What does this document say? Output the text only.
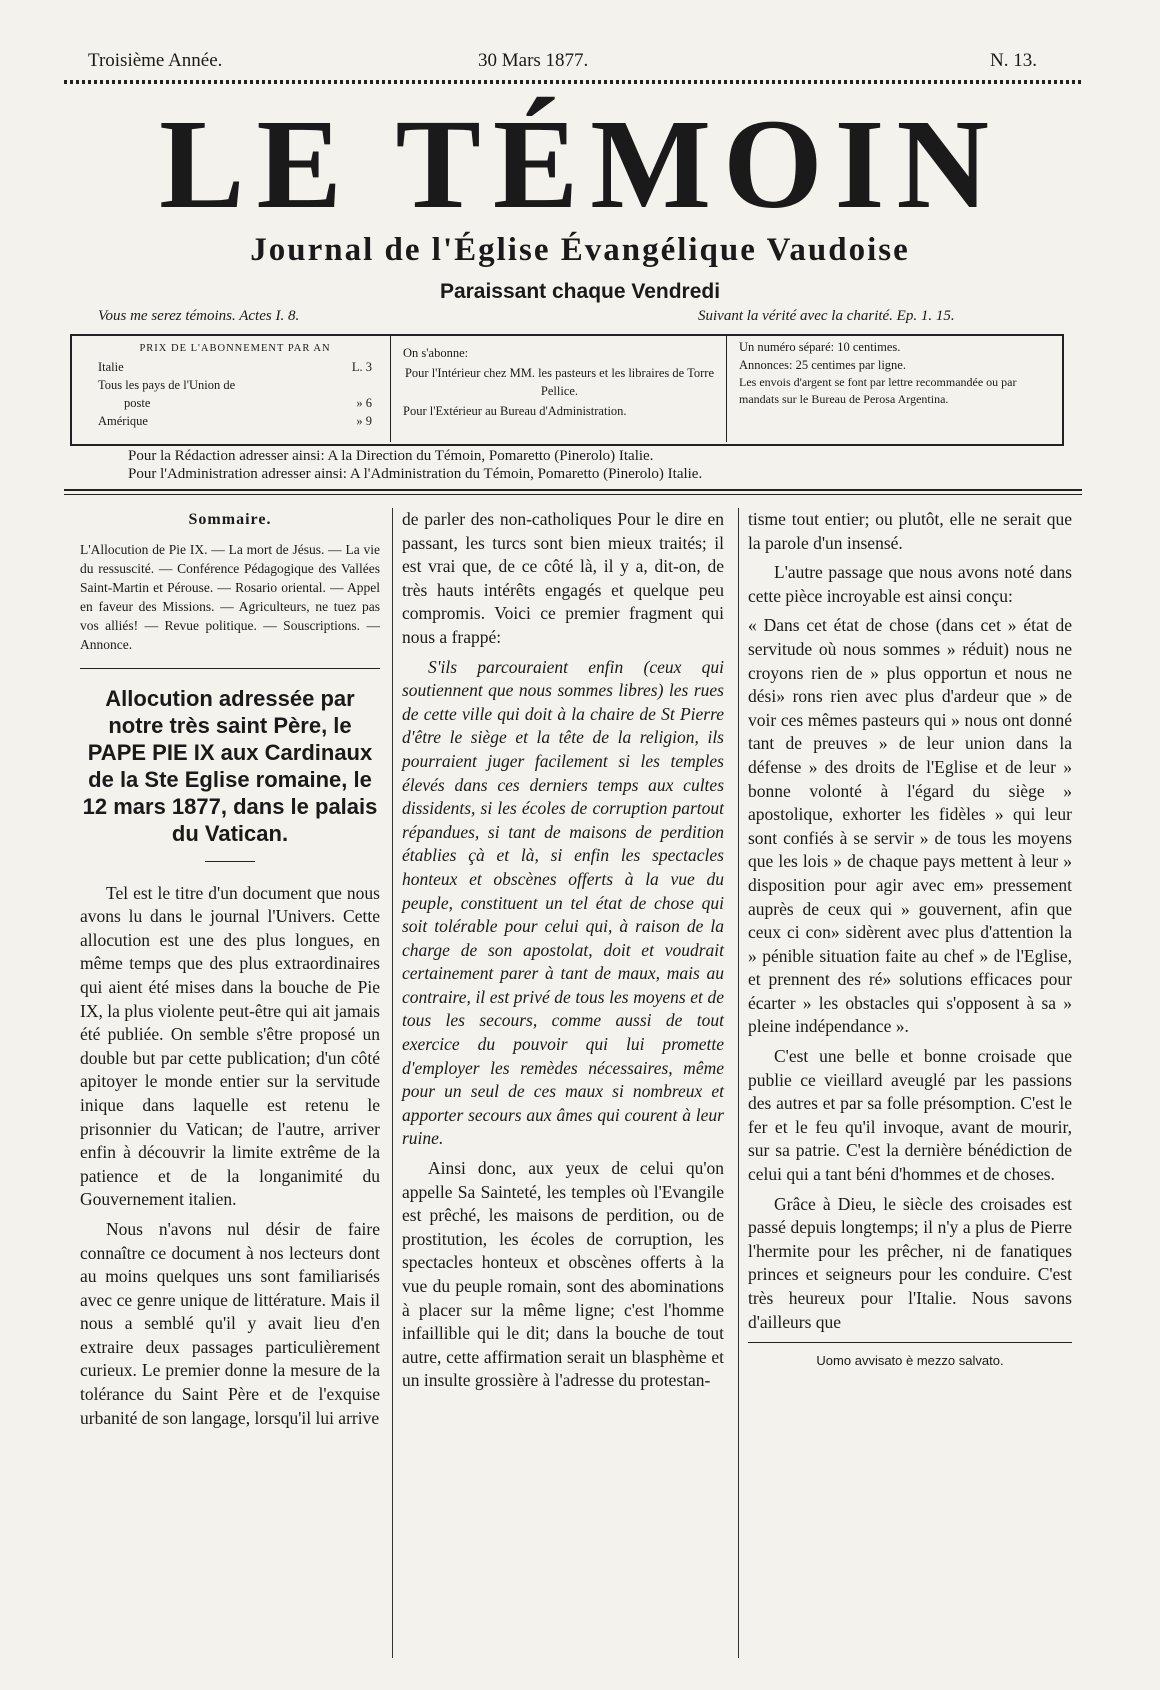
Troisième Année.	30 Mars 1877.	N. 13.
LE TÉMOIN
Journal de l'Église Évangélique Vaudoise
Paraissant chaque Vendredi
Vous me serez témoins. Actes I. 8.	Suivant la vérité avec la charité. Ep. 1. 15.
PRIX DE L'ABONNEMENT PAR AN
Italie	L. 3
Tous les pays de l'Union de
poste	» 6
Amérique	» 9
On s'abonne:
Pour l'Intérieur chez MM. les pasteurs et les libraires de Torre Pellice.
Pour l'Extérieur au Bureau d'Administration.
Un numéro séparé: 10 centimes.
Annonces: 25 centimes par ligne.
Les envois d'argent se font par lettre recommandée ou par mandats sur le Bureau de Perosa Argentina.
Pour la Rédaction adresser ainsi: A la Direction du Témoin, Pomaretto (Pinerolo) Italie.
Pour l'Administration adresser ainsi: A l'Administration du Témoin, Pomaretto (Pinerolo) Italie.
Sommaire.
L'Allocution de Pie IX. — La mort de Jésus. — La vie du ressuscité. — Conférence Pédagogique des Vallées Saint-Martin et Pérouse. — Rosario oriental. — Appel en faveur des Missions. — Agriculteurs, ne tuez pas vos alliés! — Revue politique. — Souscriptions. — Annonce.
Allocution adressée par notre très saint Père, le PAPE PIE IX aux Cardinaux de la Ste Eglise romaine, le 12 mars 1877, dans le palais du Vatican.

Tel est le titre d'un document que nous avons lu dans le journal l'Univers. Cette allocution est une des plus longues, en même temps que des plus extraordinaires qui aient été mises dans la bouche de Pie IX, la plus violente peut-être qui ait jamais été publiée. On semble s'être proposé un double but par cette publication; d'un côté apitoyer le monde entier sur la servitude inique dans laquelle est retenu le prisonnier du Vatican; de l'autre, arriver enfin à découvrir la limite extrême de la patience et de la longanimité du Gouvernement italien.

Nous n'avons nul désir de faire connaître ce document à nos lecteurs dont au moins quelques uns sont familiarisés avec ce genre unique de littérature. Mais il nous a semblé qu'il y avait lieu d'en extraire deux passages particulièrement curieux. Le premier donne la mesure de la tolérance du Saint Père et de l'exquise urbanité de son langage, lorsqu'il lui arrive

de parler des non-catholiques Pour le dire en passant, les turcs sont bien mieux traités; il est vrai que, de ce côté là, il y a, dit-on, de très hauts intérêts engagés et quelque peu compromis. Voici ce premier fragment qui nous a frappé:

S'ils parcouraient enfin (ceux qui soutiennent que nous sommes libres) les rues de cette ville qui doit à la chaire de St Pierre d'être le siège et la tête de la religion, ils pourraient juger facilement si les temples élevés dans ces derniers temps aux cultes dissidents, si les écoles de corruption partout répandues, si tant de maisons de perdition établies çà et là, si enfin les spectacles honteux et obscènes offerts à la vue du peuple, constituent un tel état de chose qui soit tolérable pour celui qui, à raison de la charge de son apostolat, doit et voudrait certainement parer à tant de maux, mais au contraire, il est privé de tous les moyens et de tous les secours, comme aussi de tout exercice du pouvoir qui lui promette d'employer les remèdes nécessaires, même pour un seul de ces maux si nombreux et apporter secours aux âmes qui courent à leur ruine.

Ainsi donc, aux yeux de celui qu'on appelle Sa Sainteté, les temples où l'Evangile est prêché, les maisons de perdition, ou de prostitution, les écoles de corruption, les spectacles honteux et obscènes offerts à la vue du peuple romain, sont des abominations à placer sur la même ligne; c'est l'homme infaillible qui le dit; dans la bouche de tout autre, cette affirmation serait un blasphème et un insulte grossière à l'adresse du protestan-

tisme tout entier; ou plutôt, elle ne serait que la parole d'un insensé.

L'autre passage que nous avons noté dans cette pièce incroyable est ainsi conçu:

« Dans cet état de chose (dans cet » état de servitude où nous sommes » réduit) nous ne croyons rien de » plus opportun et nous ne dési» rons rien avec plus d'ardeur que » de voir ces mêmes pasteurs qui » nous ont donné tant de preuves » de leur union dans la défense » des droits de l'Eglise et de leur » bonne volonté à l'égard du siège » apostolique, exhorter les fidèles » qui leur sont confiés à se servir » de tous les moyens que les lois » de chaque pays mettent à leur » disposition pour agir avec em» pressement auprès de ceux qui » gouvernent, afin que ceux ci con» sidèrent avec plus d'attention la » pénible situation faite au chef » de l'Eglise, et prennent des ré» solutions efficaces pour écarter » les obstacles qui s'opposent à sa » pleine indépendance ».

C'est une belle et bonne croisade que publie ce vieillard aveuglé par les passions des autres et par sa folle présomption. C'est le fer et le feu qu'il invoque, avant de mourir, sur sa patrie. C'est la dernière bénédiction de celui qui a tant béni d'hommes et de choses.

Grâce à Dieu, le siècle des croisades est passé depuis longtemps; il n'y a plus de Pierre l'hermite pour les prêcher, ni de fanatiques princes et seigneurs pour les conduire. C'est très heureux pour l'Italie. Nous savons d'ailleurs que

Uomo avvisato è mezzo salvato.
